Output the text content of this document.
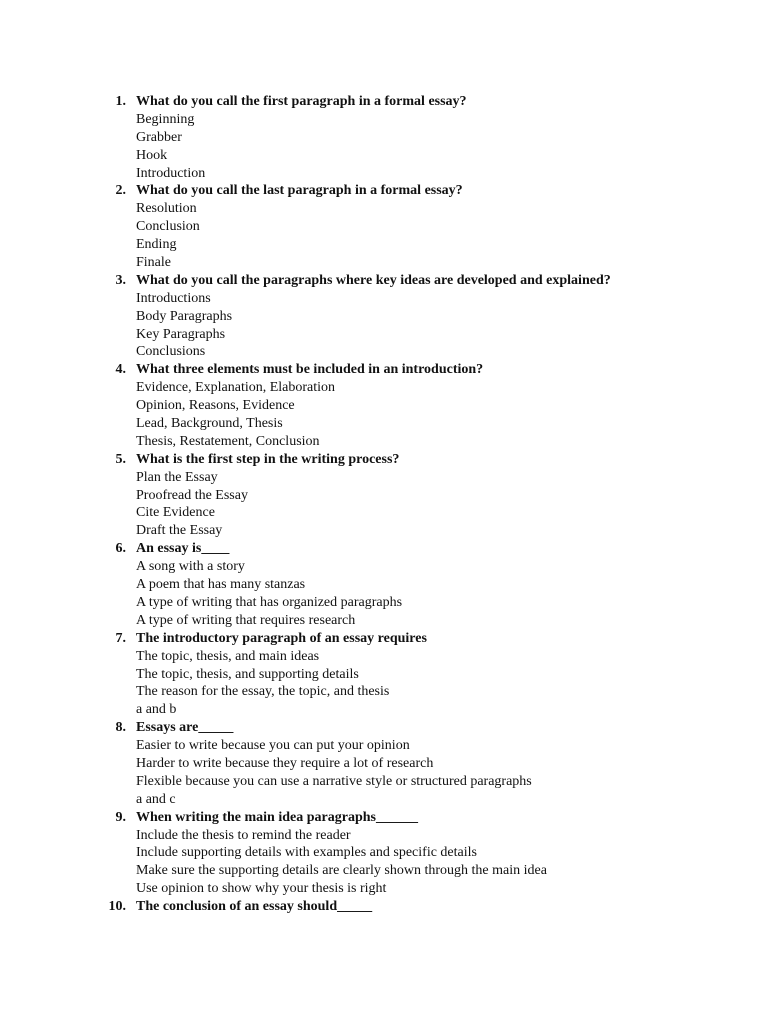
1. What do you call the first paragraph in a formal essay?
Beginning
Grabber
Hook
Introduction
2. What do you call the last paragraph in a formal essay?
Resolution
Conclusion
Ending
Finale
3. What do you call the paragraphs where key ideas are developed and explained?
Introductions
Body Paragraphs
Key Paragraphs
Conclusions
4. What three elements must be included in an introduction?
Evidence, Explanation, Elaboration
Opinion, Reasons, Evidence
Lead, Background, Thesis
Thesis, Restatement, Conclusion
5. What is the first step in the writing process?
Plan the Essay
Proofread the Essay
Cite Evidence
Draft the Essay
6. An essay is____
A song with a story
A poem that has many stanzas
A type of writing that has organized paragraphs
A type of writing that requires research
7. The introductory paragraph of an essay requires
The topic, thesis, and main ideas
The topic, thesis, and supporting details
The reason for the essay, the topic, and thesis
a and b
8. Essays are_____
Easier to write because you can put your opinion
Harder to write because they require a lot of research
Flexible because you can use a narrative style or structured paragraphs
a and c
9. When writing the main idea paragraphs______
Include the thesis to remind the reader
Include supporting details with examples and specific details
Make sure the supporting details are clearly shown through the main idea
Use opinion to show why your thesis is right
10. The conclusion of an essay should_____
